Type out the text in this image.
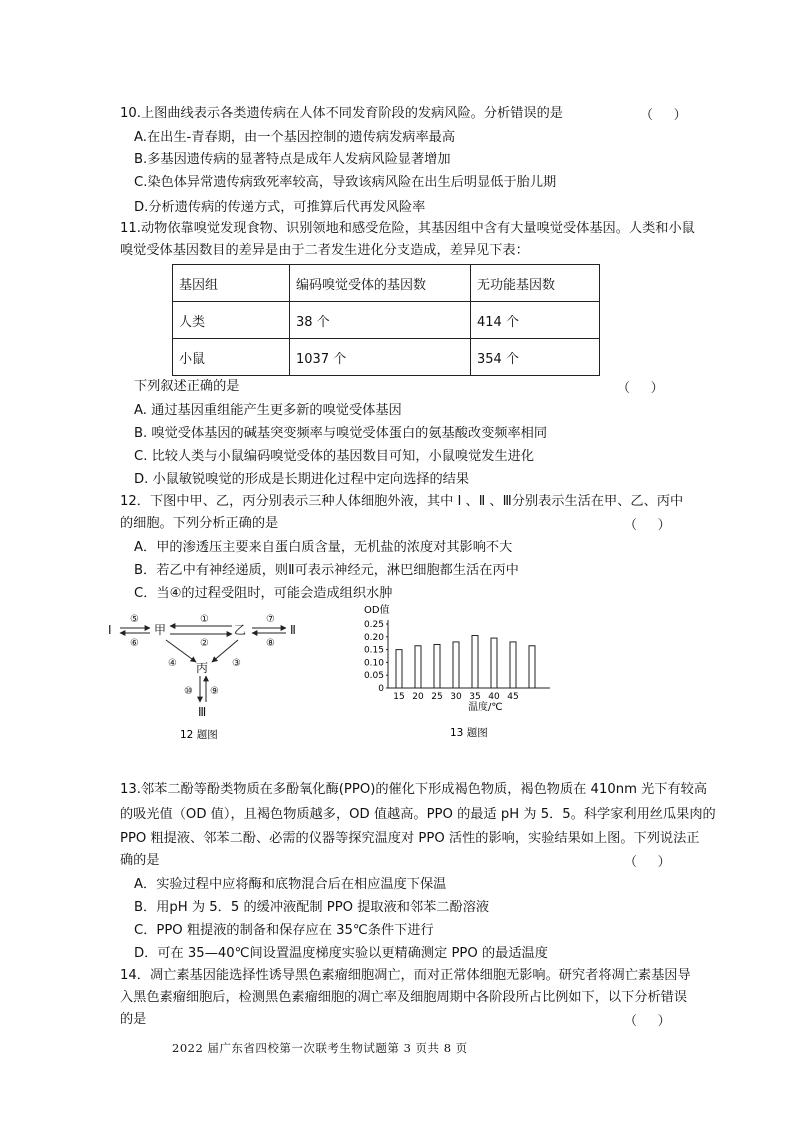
10.上图曲线表示各类遗传病在人体不同发育阶段的发病风险。分析错误的是	（     ）
A.在出生-青春期，由一个基因控制的遗传病发病率最高
B.多基因遗传病的显著特点是成年人发病风险显著增加
C.染色体异常遗传病致死率较高，导致该病风险在出生后明显低于胎儿期
D.分析遗传病的传递方式，可推算后代再发风险率
11.动物依靠嗅觉发现食物、识别领地和感受危险，其基因组中含有大量嗅觉受体基因。人类和小鼠
嗅觉受体基因数目的差异是由于二者发生进化分支造成，差异见下表：
基因组	编码嗅觉受体的基因数	无功能基因数
人类	38 个	414 个
小鼠	1037 个	354 个
下列叙述正确的是	（     ）
A. 通过基因重组能产生更多新的嗅觉受体基因
B. 嗅觉受体基因的碱基突变频率与嗅觉受体蛋白的氨基酸改变频率相同
C. 比较人类与小鼠编码嗅觉受体的基因数目可知，小鼠嗅觉发生进化
D. 小鼠敏锐嗅觉的形成是长期进化过程中定向选择的结果
12．下图中甲、乙，丙分别表示三种人体细胞外液，其中 Ⅰ 、Ⅱ 、Ⅲ分别表示生活在甲、乙、丙中
的细胞。下列分析正确的是	（     ）
A．甲的渗透压主要来自蛋白质含量，无机盐的浓度对其影响不大
B．若乙中有神经递质，则Ⅱ可表示神经元，淋巴细胞都生活在丙中
C．当④的过程受阻时，可能会造成组织水肿
Ⅰ	甲	乙	Ⅱ
丙
Ⅲ
⑤
⑥
①
②
⑦
⑧
④	③
⑩ ⑨
12 题图
OD值
0
0.05
0.10
0.15
0.20
0.25
15 20 25 30 35 40 45
温度/℃
13 题图
13.邻苯二酚等酚类物质在多酚氧化酶(PPO)的催化下形成褐色物质，褐色物质在 410nm 光下有较高
的吸光值（OD 值），且褐色物质越多，OD 值越高。PPO 的最适 pH 为 5．5。科学家利用丝瓜果肉的
PPO 粗提液、邻苯二酚、必需的仪器等探究温度对 PPO 活性的影响，实验结果如上图。下列说法正
确的是	（     ）
A．实验过程中应将酶和底物混合后在相应温度下保温
B．用pH 为 5．5 的缓冲液配制 PPO 提取液和邻苯二酚溶液
C．PPO 粗提液的制备和保存应在 35℃条件下进行
D．可在 35—40℃间设置温度梯度实验以更精确测定 PPO 的最适温度
14．凋亡素基因能选择性诱导黑色素瘤细胞凋亡，而对正常体细胞无影响。研究者将凋亡素基因导
入黑色素瘤细胞后，检测黑色素瘤细胞的凋亡率及细胞周期中各阶段所占比例如下，以下分析错误
的是	（     ）
2022 届广东省四校第一次联考生物试题第 3 页共 8 页
